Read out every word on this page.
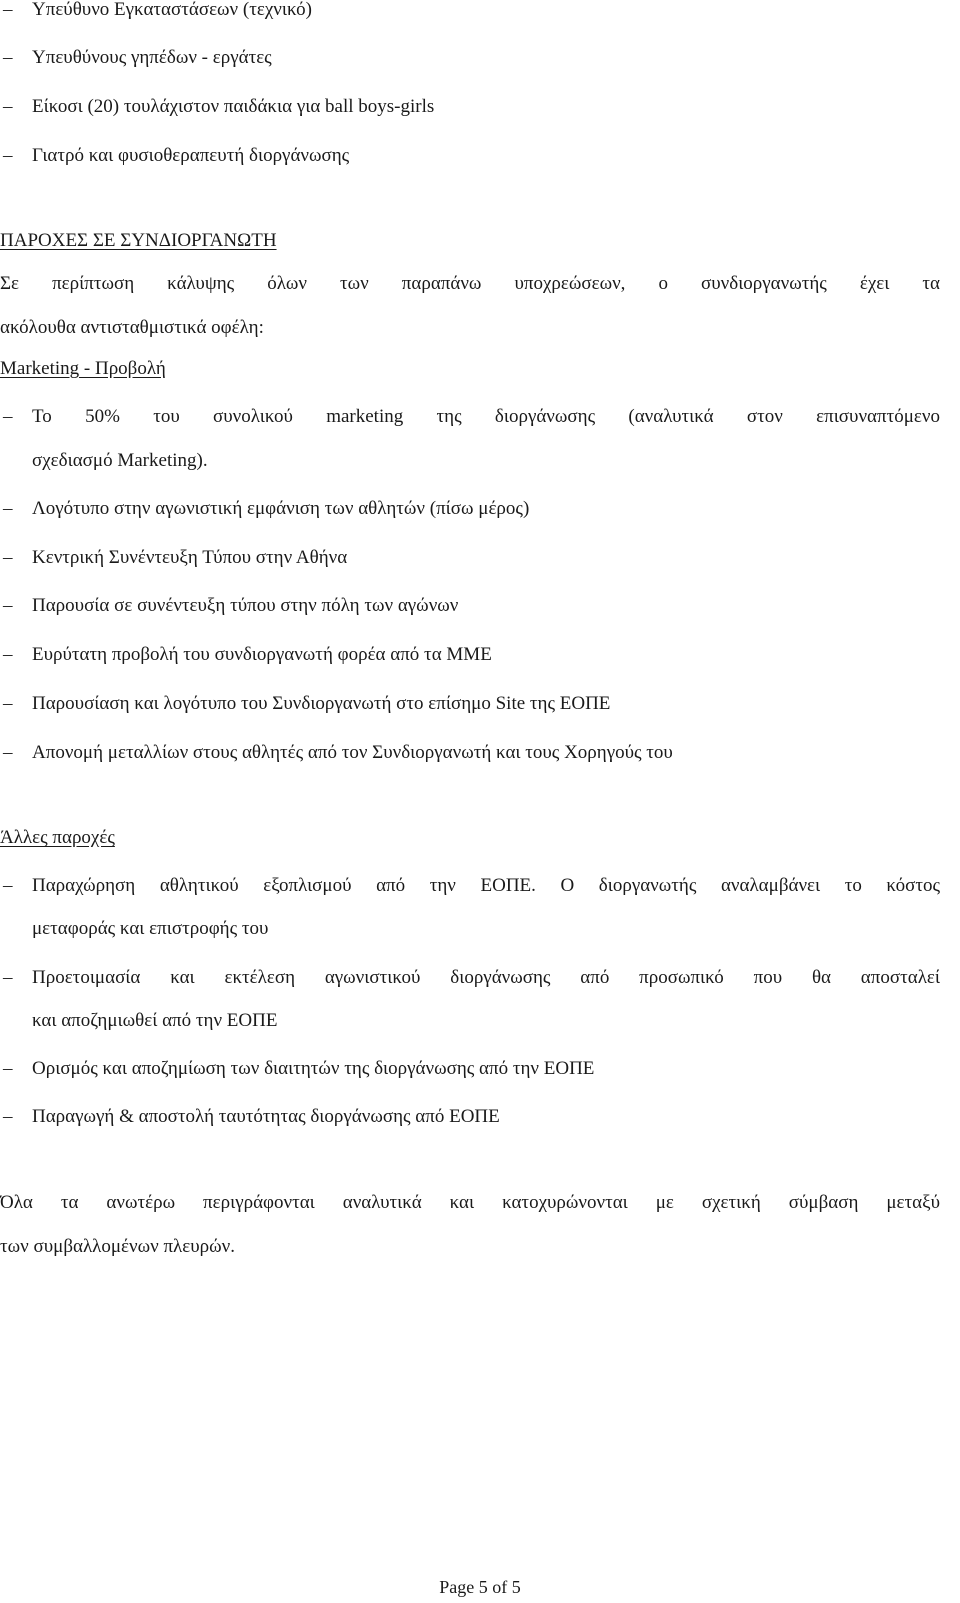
– Υπεύθυνο Εγκαταστάσεων (τεχνικό)
– Υπευθύνους γηπέδων - εργάτες
– Είκοσι (20) τουλάχιστον παιδάκια για ball boys-girls
– Γιατρό και φυσιοθεραπευτή διοργάνωσης
ΠΑΡΟΧΕΣ ΣΕ ΣΥΝΔΙΟΡΓΑΝΩΤΗ
Σε περίπτωση κάλυψης όλων των παραπάνω υποχρεώσεων, ο συνδιοργανωτής έχει τα
ακόλουθα αντισταθμιστικά οφέλη:
Marketing - Προβολή
– Το 50% του συνολικού marketing της διοργάνωσης (αναλυτικά στον επισυναπτόμενο
σχεδιασμό Marketing).
– Λογότυπο στην αγωνιστική εμφάνιση των αθλητών (πίσω μέρος)
– Κεντρική Συνέντευξη Τύπου στην Αθήνα
– Παρουσία σε συνέντευξη τύπου στην πόλη των αγώνων
– Ευρύτατη προβολή του συνδιοργανωτή φορέα από τα ΜΜΕ
– Παρουσίαση και λογότυπο του Συνδιοργανωτή στο επίσημο Site της ΕΟΠΕ
– Απονομή μεταλλίων στους αθλητές από τον Συνδιοργανωτή και τους Χορηγούς του
Άλλες παροχές
– Παραχώρηση αθλητικού εξοπλισμού από την ΕΟΠΕ. Ο διοργανωτής αναλαμβάνει το κόστος
μεταφοράς και επιστροφής του
– Προετοιμασία και εκτέλεση αγωνιστικού διοργάνωσης από προσωπικό που θα αποσταλεί
και αποζημιωθεί από την ΕΟΠΕ
– Ορισμός και αποζημίωση των διαιτητών της διοργάνωσης από την ΕΟΠΕ
– Παραγωγή & αποστολή ταυτότητας διοργάνωσης από ΕΟΠΕ
Όλα τα ανωτέρω περιγράφονται αναλυτικά και κατοχυρώνονται με σχετική σύμβαση μεταξύ
των συμβαλλομένων πλευρών.
Page 5 of 5
